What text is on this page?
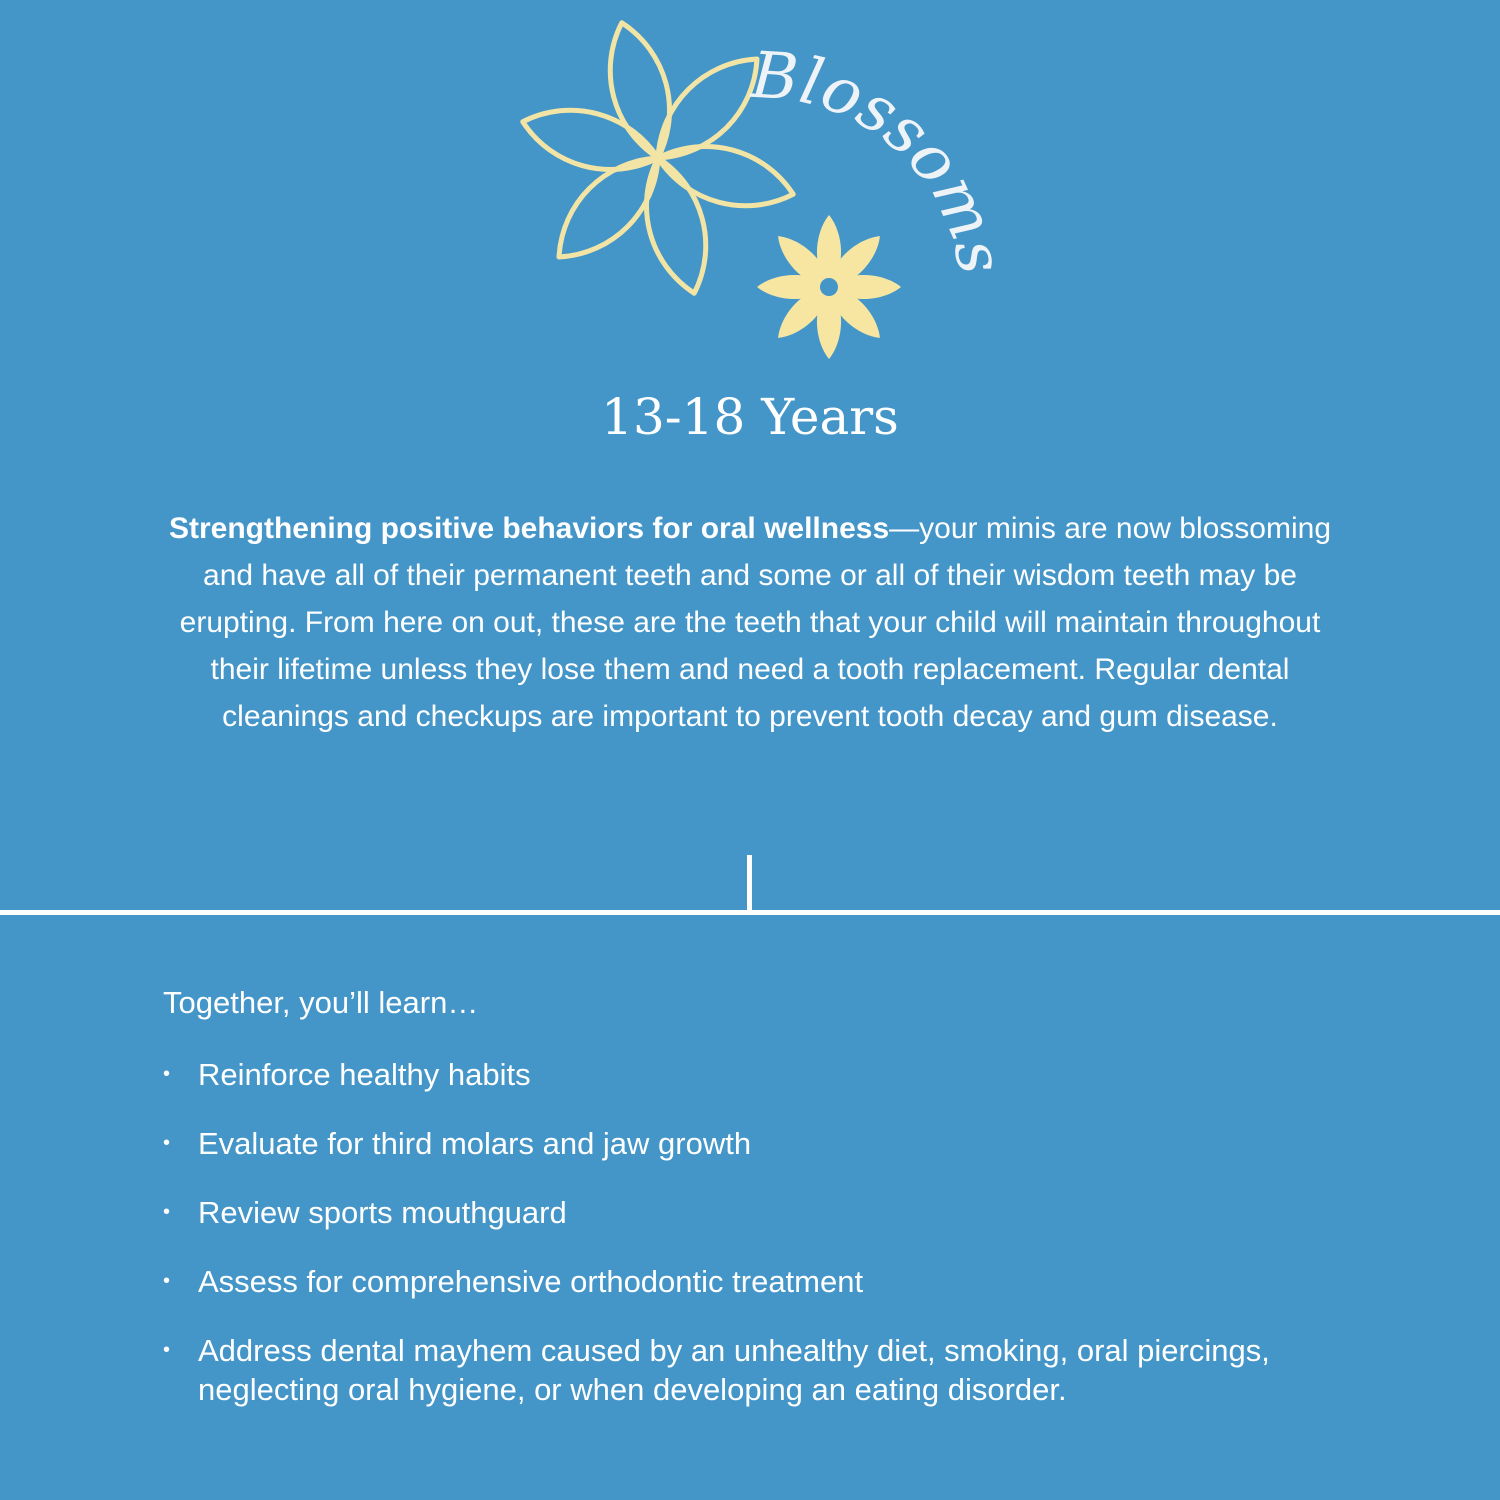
Blossoms
13-18 Years

Strengthening positive behaviors for oral wellness—your minis are now blossoming and have all of their permanent teeth and some or all of their wisdom teeth may be erupting. From here on out, these are the teeth that your child will maintain throughout their lifetime unless they lose them and need a tooth replacement. Regular dental cleanings and checkups are important to prevent tooth decay and gum disease.

Together, you’ll learn…
• Reinforce healthy habits
• Evaluate for third molars and jaw growth
• Review sports mouthguard
• Assess for comprehensive orthodontic treatment
• Address dental mayhem caused by an unhealthy diet, smoking, oral piercings, neglecting oral hygiene, or when developing an eating disorder.
